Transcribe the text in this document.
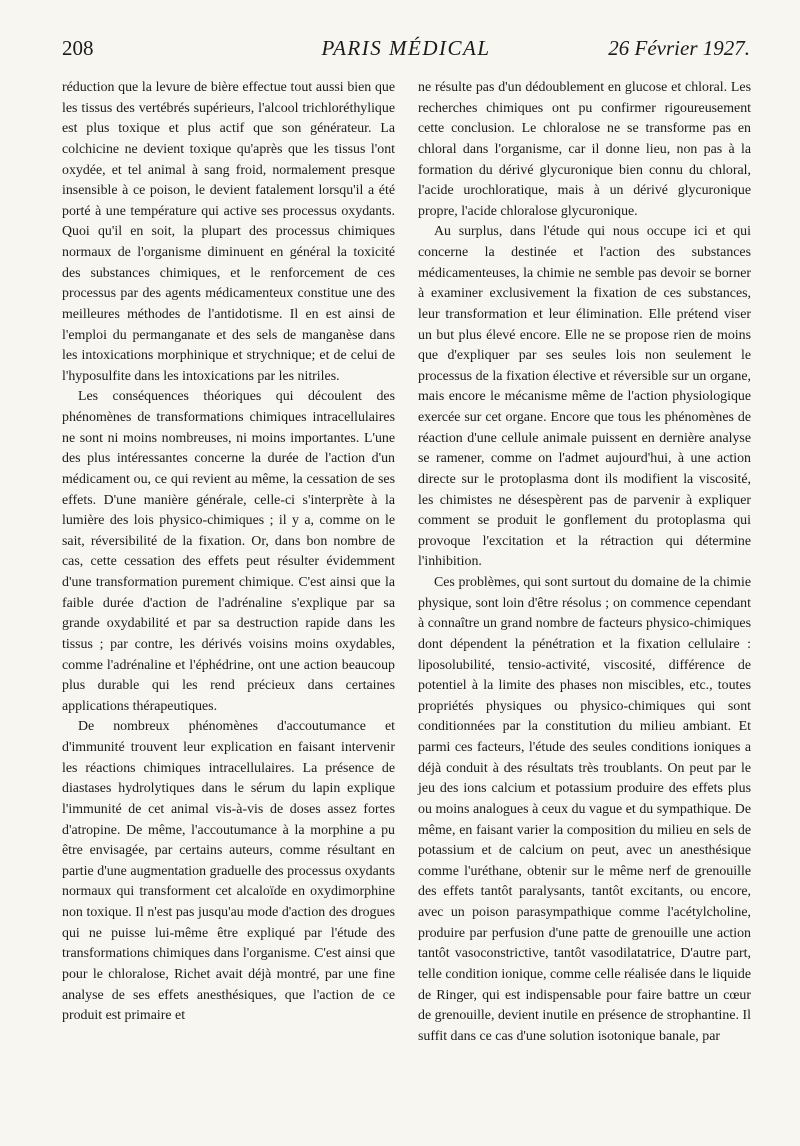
208	PARIS MÉDICAL	26 Février 1927.

réduction que la levure de bière effectue tout aussi bien que les tissus des vertébrés supérieurs, l'alcool trichloréthylique est plus toxique et plus actif que son générateur. La colchicine ne devient toxique qu'après que les tissus l'ont oxydée, et tel animal à sang froid, normalement presque insensible à ce poison, le devient fatalement lorsqu'il a été porté à une température qui active ses processus oxydants. Quoi qu'il en soit, la plupart des processus chimiques normaux de l'organisme diminuent en général la toxicité des substances chimiques, et le renforcement de ces processus par des agents médicamenteux constitue une des meilleures méthodes de l'antidotisme. Il en est ainsi de l'emploi du permanganate et des sels de manganèse dans les intoxications morphinique et strychnique; et de celui de l'hyposulfite dans les intoxications par les nitriles.

Les conséquences théoriques qui découlent des phénomènes de transformations chimiques intracellulaires ne sont ni moins nombreuses, ni moins importantes. L'une des plus intéressantes concerne la durée de l'action d'un médicament ou, ce qui revient au même, la cessation de ses effets. D'une manière générale, celle-ci s'interprète à la lumière des lois physico-chimiques ; il y a, comme on le sait, réversibilité de la fixation. Or, dans bon nombre de cas, cette cessation des effets peut résulter évidemment d'une transformation purement chimique. C'est ainsi que la faible durée d'action de l'adrénaline s'explique par sa grande oxydabilité et par sa destruction rapide dans les tissus ; par contre, les dérivés voisins moins oxydables, comme l'adrénaline et l'éphédrine, ont une action beaucoup plus durable qui les rend précieux dans certaines applications thérapeutiques.

De nombreux phénomènes d'accoutumance et d'immunité trouvent leur explication en faisant intervenir les réactions chimiques intracellulaires. La présence de diastases hydrolytiques dans le sérum du lapin explique l'immunité de cet animal vis-à-vis de doses assez fortes d'atropine. De même, l'accoutumance à la morphine a pu être envisagée, par certains auteurs, comme résultant en partie d'une augmentation graduelle des processus oxydants normaux qui transforment cet alcaloïde en oxydimorphine non toxique. Il n'est pas jusqu'au mode d'action des drogues qui ne puisse lui-même être expliqué par l'étude des transformations chimiques dans l'organisme. C'est ainsi que pour le chloralose, Richet avait déjà montré, par une fine analyse de ses effets anesthésiques, que l'action de ce produit est primaire et

ne résulte pas d'un dédoublement en glucose et chloral. Les recherches chimiques ont pu confirmer rigoureusement cette conclusion. Le chloralose ne se transforme pas en chloral dans l'organisme, car il donne lieu, non pas à la formation du dérivé glycuronique bien connu du chloral, l'acide urochloratique, mais à un dérivé glycuronique propre, l'acide chloralose glycuronique.

Au surplus, dans l'étude qui nous occupe ici et qui concerne la destinée et l'action des substances médicamenteuses, la chimie ne semble pas devoir se borner à examiner exclusivement la fixation de ces substances, leur transformation et leur élimination. Elle prétend viser un but plus élevé encore. Elle ne se propose rien de moins que d'expliquer par ses seules lois non seulement le processus de la fixation élective et réversible sur un organe, mais encore le mécanisme même de l'action physiologique exercée sur cet organe. Encore que tous les phénomènes de réaction d'une cellule animale puissent en dernière analyse se ramener, comme on l'admet aujourd'hui, à une action directe sur le protoplasma dont ils modifient la viscosité, les chimistes ne désespèrent pas de parvenir à expliquer comment se produit le gonflement du protoplasma qui provoque l'excitation et la rétraction qui détermine l'inhibition.

Ces problèmes, qui sont surtout du domaine de la chimie physique, sont loin d'être résolus ; on commence cependant à connaître un grand nombre de facteurs physico-chimiques dont dépendent la pénétration et la fixation cellulaire : liposolubilité, tensio-activité, viscosité, différence de potentiel à la limite des phases non miscibles, etc., toutes propriétés physiques ou physico-chimiques qui sont conditionnées par la constitution du milieu ambiant. Et parmi ces facteurs, l'étude des seules conditions ioniques a déjà conduit à des résultats très troublants. On peut par le jeu des ions calcium et potassium produire des effets plus ou moins analogues à ceux du vague et du sympathique. De même, en faisant varier la composition du milieu en sels de potassium et de calcium on peut, avec un anesthésique comme l'uréthane, obtenir sur le même nerf de grenouille des effets tantôt paralysants, tantôt excitants, ou encore, avec un poison parasympathique comme l'acétylcholine, produire par perfusion d'une patte de grenouille une action tantôt vasoconstrictive, tantôt vasodilatatrice, D'autre part, telle condition ionique, comme celle réalisée dans le liquide de Ringer, qui est indispensable pour faire battre un cœur de grenouille, devient inutile en présence de strophantine. Il suffit dans ce cas d'une solution isotonique banale, par
